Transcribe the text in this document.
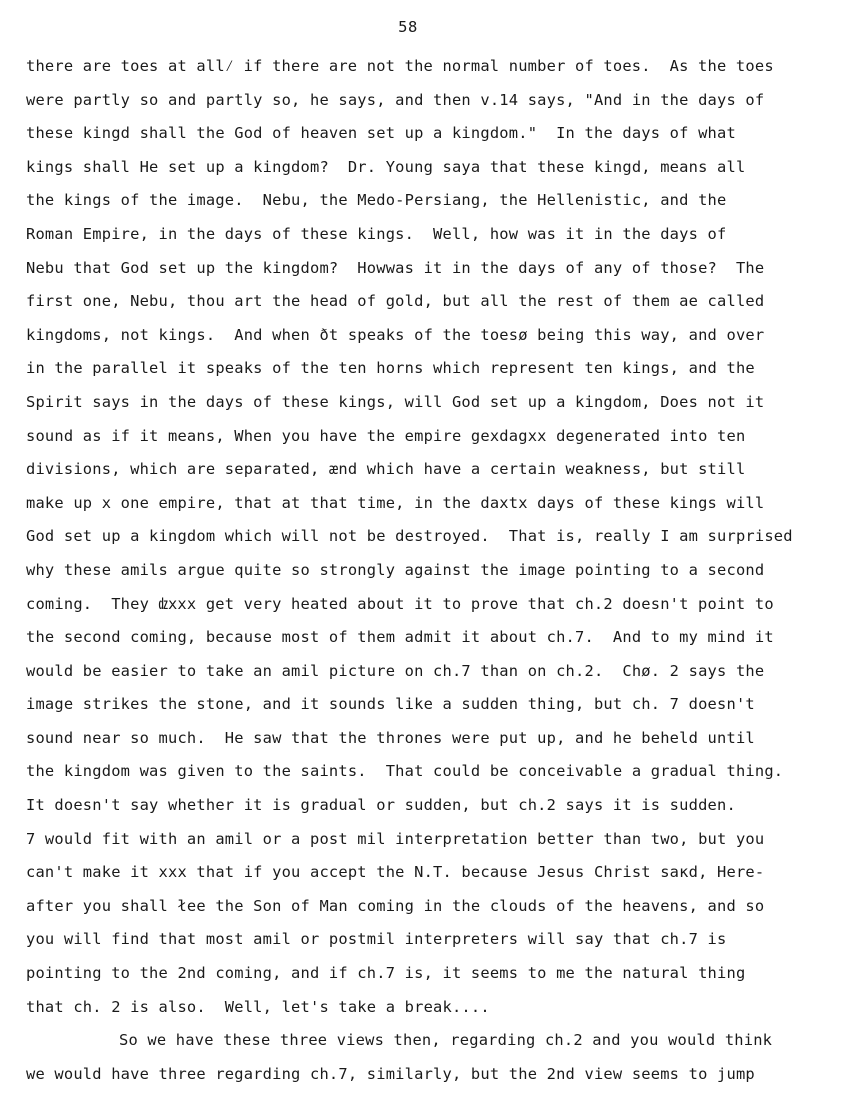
58
there are toes at all⁄ if there are not the normal number of toes.  As the toes
were partly so and partly so, he says, and then v.14 says, "And in the days of
these kingd shall the God of heaven set up a kingdom."  In the days of what
kings shall He set up a kingdom?  Dr. Young saya that these kingd, means all
the kings of the image.  Nebu, the Medo-Persiang, the Hellenistic, and the
Roman Empire, in the days of these kings.  Well, how was it in the days of
Nebu that God set up the kingdom?  Howwas it in the days of any of those?  The
first one, Nebu, thou art the head of gold, but all the rest of them ae called
kingdoms, not kings.  And when ðt speaks of the toesø being this way, and over
in the parallel it speaks of the ten horns which represent ten kings, and the
Spirit says in the days of these kings, will God set up a kingdom, Does not it
sound as if it means, When you have the empire gexdagxx degenerated into ten
divisions, which are separated, ænd which have a certain weakness, but still
make up x one empire, that at that time, in the daxtx days of these kings will
God set up a kingdom which will not be destroyed.  That is, really I am surprised
why these amils argue quite so strongly against the image pointing to a second
coming.  They ǳxxx get very heated about it to prove that ch.2 doesn't point to
the second coming, because most of them admit it about ch.7.  And to my mind it
would be easier to take an amil picture on ch.7 than on ch.2.  Chø. 2 says the
image strikes the stone, and it sounds like a sudden thing, but ch. 7 doesn't
sound near so much.  He saw that the thrones were put up, and he beheld until
the kingdom was given to the saints.  That could be conceivable a gradual thing.
It doesn't say whether it is gradual or sudden, but ch.2 says it is sudden.
7 would fit with an amil or a post mil interpretation better than two, but you
can't make it xxx that if you accept the N.T. because Jesus Christ saĸd, Here-
after you shall łee the Son of Man coming in the clouds of the heavens, and so
you will find that most amil or postmil interpreters will say that ch.7 is
pointing to the 2nd coming, and if ch.7 is, it seems to me the natural thing
that ch. 2 is also.  Well, let's take a break....
So we have these three views then, regarding ch.2 and you would think
we would have three regarding ch.7, similarly, but the 2nd view seems to jump
